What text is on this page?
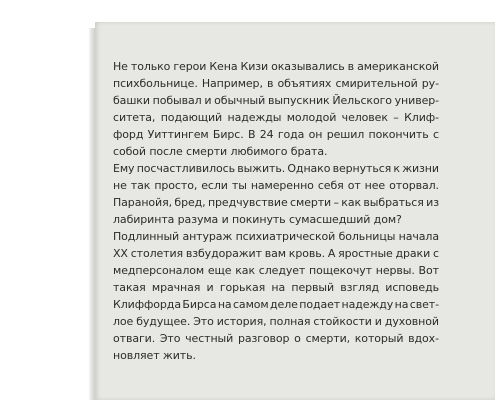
Не только герои Кена Кизи оказывались в американской
психбольнице. Например, в объятиях смирительной ру-
башки побывал и обычный выпускник Йельского универ-
ситета, подающий надежды молодой человек – Клиф-
форд Уиттингем Бирс. В 24 года он решил покончить с
собой после смерти любимого брата.
Ему посчастливилось выжить. Однако вернуться к жизни
не так просто, если ты намеренно себя от нее оторвал.
Паранойя, бред, предчувствие смерти – как выбраться из
лабиринта разума и покинуть сумасшедший дом?
Подлинный антураж психиатрической больницы начала
XX столетия взбудоражит вам кровь. А яростные драки с
медперсоналом еще как следует пощекочут нервы. Вот
такая мрачная и горькая на первый взгляд исповедь
Клиффорда Бирса на самом деле подает надежду на свет-
лое будущее. Это история, полная стойкости и духовной
отваги. Это честный разговор о смерти, который вдох-
новляет жить.
